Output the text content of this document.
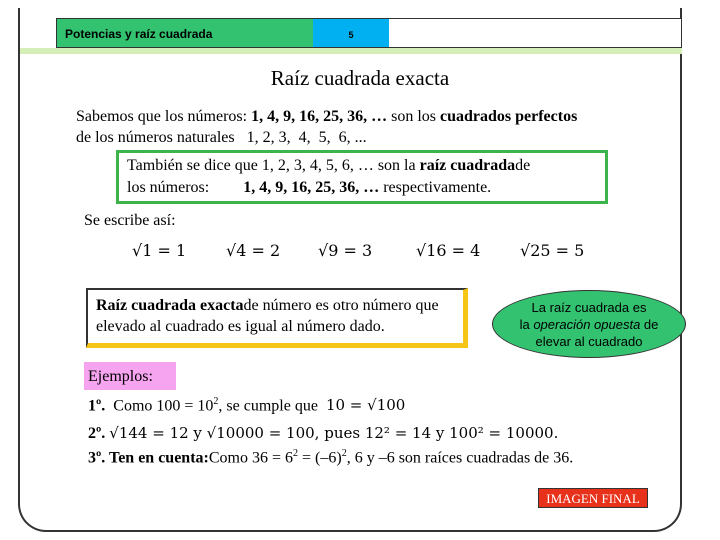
Potencias y raíz cuadrada	5
Raíz cuadrada exacta
Sabemos que los números: 1, 4, 9, 16, 25, 36, … son los cuadrados perfectos
de los números naturales   1, 2, 3,  4,  5,  6, ...
También se dice que 1, 2, 3, 4, 5, 6, … son la raíz cuadradade
los números: 1, 4, 9, 16, 25, 36, … respectivamente.
Se escribe así:
√1 = 1 √4 = 2 √9 = 3	√16 = 4 √25 = 5
Raíz cuadrada exactade número es otro número que elevado al cuadrado es igual al número dado.
La raíz cuadrada es
la operación opuesta de
elevar al cuadrado
Ejemplos:
1º.  Como $100 = 10^2$, se cumple que 10 = √100
2º. √144 = 12 y √10000 = 100, pues 12² = 14 y 100² = 10000.
3º. Ten en cuenta:Como $36 = 6^2 = (-6)^2$, 6 y –6 son raíces cuadradas de 36.
IMAGEN FINAL
